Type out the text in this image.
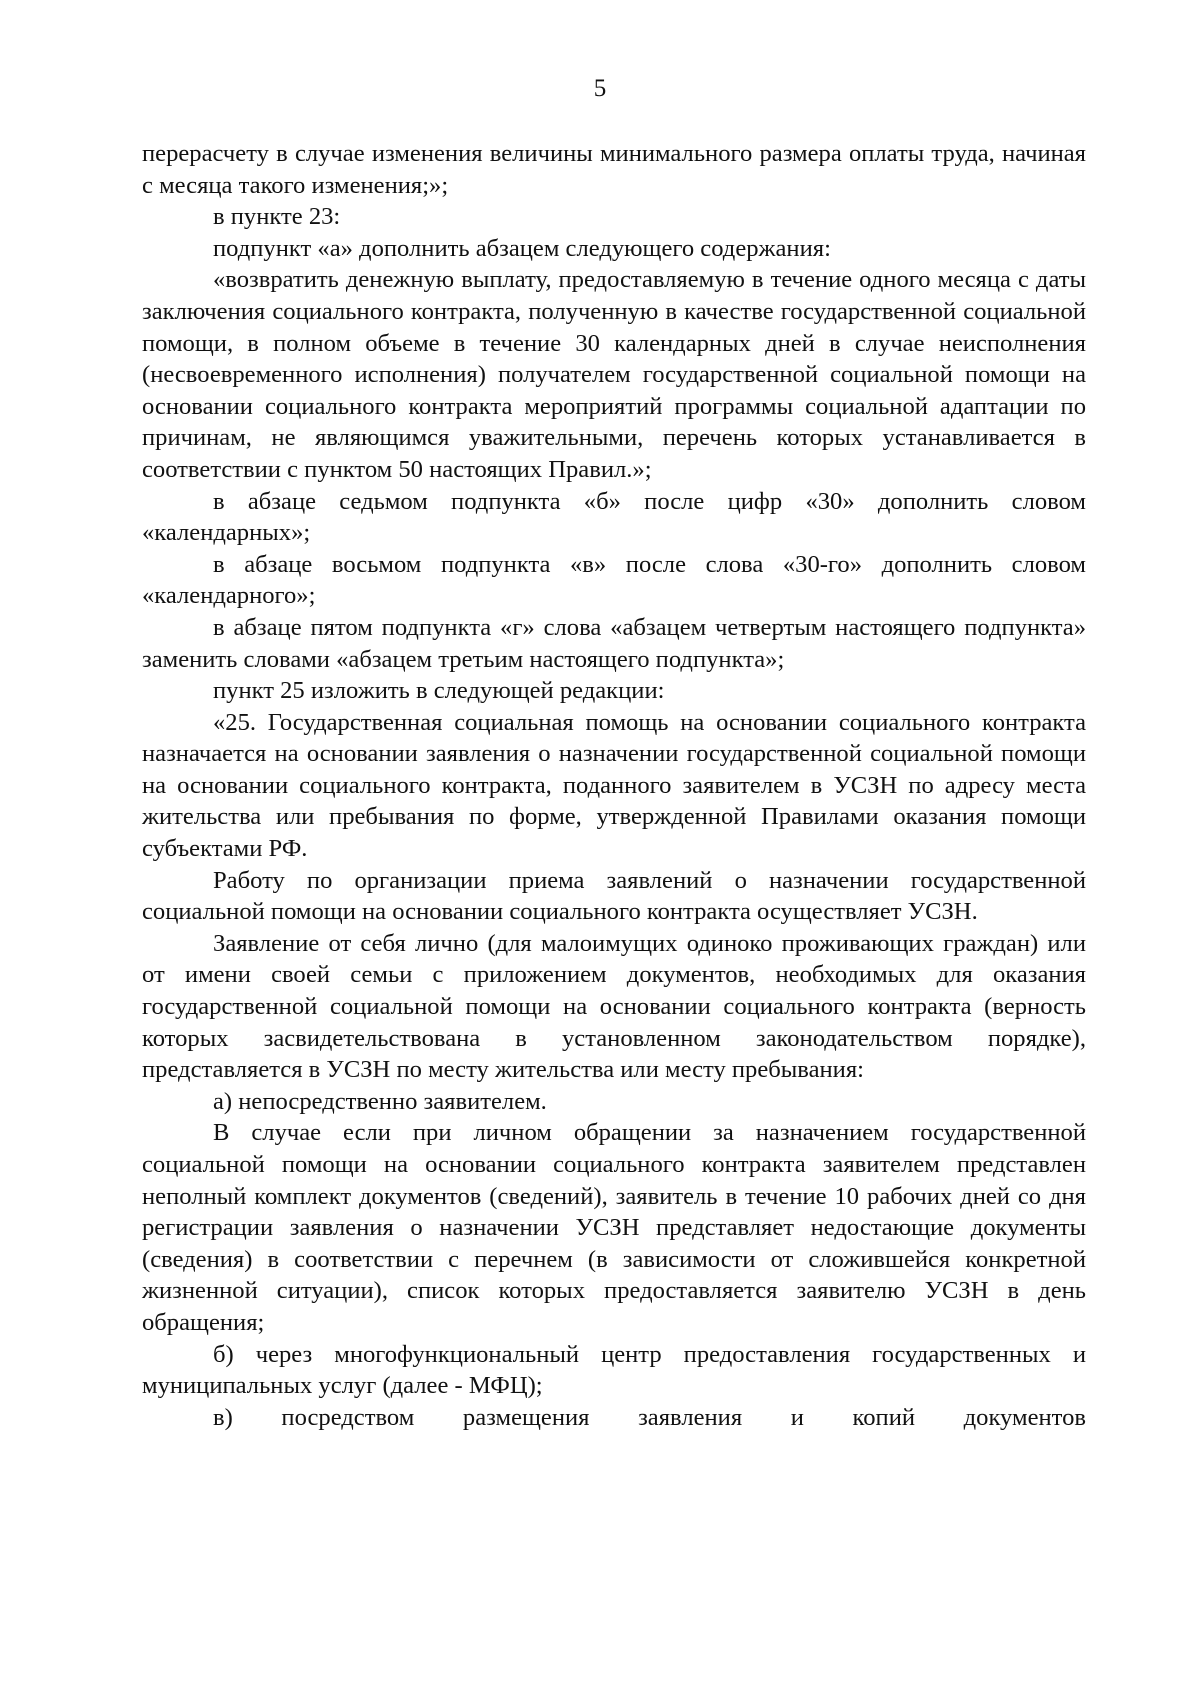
5

перерасчету в случае изменения величины минимального размера оплаты труда, начиная с месяца такого изменения;»;

в пункте 23:

подпункт «а» дополнить абзацем следующего содержания:

«возвратить денежную выплату, предоставляемую в течение одного месяца с даты заключения социального контракта, полученную в качестве государственной социальной помощи, в полном объеме в течение 30 календарных дней в случае неисполнения (несвоевременного исполнения) получателем государственной социальной помощи на основании социального контракта мероприятий программы социальной адаптации по причинам, не являющимся уважительными, перечень которых устанавливается в соответствии с пунктом 50 настоящих Правил.»;

в абзаце седьмом подпункта «б» после цифр «30» дополнить словом «календарных»;

в абзаце восьмом подпункта «в» после слова «30-го» дополнить словом «календарного»;

в абзаце пятом подпункта «г» слова «абзацем четвертым настоящего подпункта» заменить словами «абзацем третьим настоящего подпункта»;

пункт 25 изложить в следующей редакции:

«25. Государственная социальная помощь на основании социального контракта назначается на основании заявления о назначении государственной социальной помощи на основании социального контракта, поданного заявителем в УСЗН по адресу места жительства или пребывания по форме, утвержденной Правилами оказания помощи субъектами РФ.

Работу по организации приема заявлений о назначении государственной социальной помощи на основании социального контракта осуществляет УСЗН.

Заявление от себя лично (для малоимущих одиноко проживающих граждан) или от имени своей семьи с приложением документов, необходимых для оказания государственной социальной помощи на основании социального контракта (верность которых засвидетельствована в установленном законодательством порядке), представляется в УСЗН по месту жительства или месту пребывания:

а) непосредственно заявителем.

В случае если при личном обращении за назначением государственной социальной помощи на основании социального контракта заявителем представлен неполный комплект документов (сведений), заявитель в течение 10 рабочих дней со дня регистрации заявления о назначении УСЗН представляет недостающие документы (сведения) в соответствии с перечнем (в зависимости от сложившейся конкретной жизненной ситуации), список которых предоставляется заявителю УСЗН в день обращения;

б) через многофункциональный центр предоставления государственных и муниципальных услуг (далее - МФЦ);

в) посредством размещения заявления и копий документов
